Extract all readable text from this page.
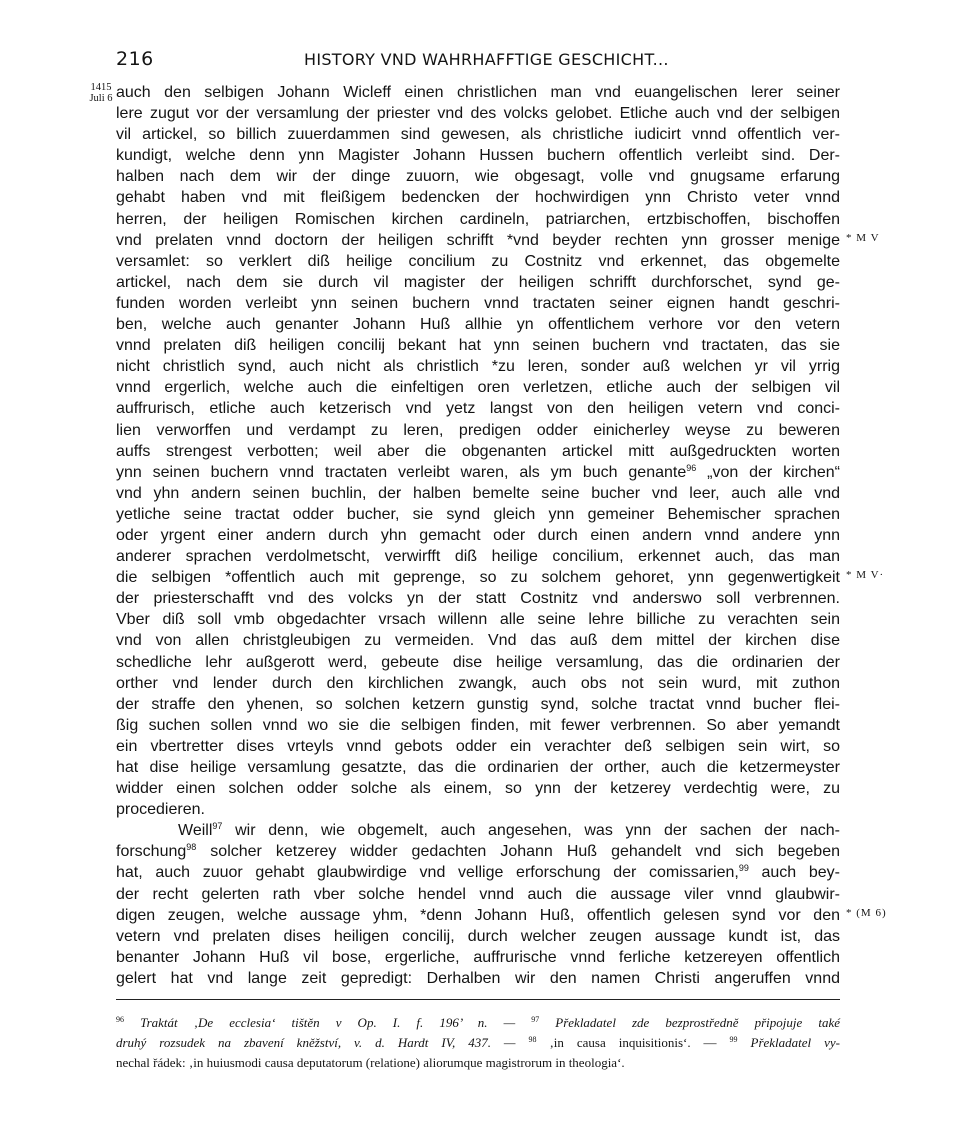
216	HISTORY VND WAHRHAFFTIGE GESCHICHT...
1415
Juli 6 auch den selbigen Johann Wicleff einen christlichen man vnd euangelischen lerer seiner
lere zugut vor der versamlung der priester vnd des volcks gelobet. Etliche auch vnd der selbigen
vil artickel, so billich zuuerdammen sind gewesen, als christliche iudicirt vnnd offentlich ver-
kundigt, welche denn ynn Magister Johann Hussen buchern offentlich verleibt sind. Der-
halben nach dem wir der dinge zuuorn, wie obgesagt, volle vnd gnugsame erfarung
gehabt haben vnd mit fleißigem bedencken der hochwirdigen ynn Christo veter vnnd
herren, der heiligen Romischen kirchen cardineln, patriarchen, ertzbischoffen, bischoffen
vnd prelaten vnnd doctorn der heiligen schrifft *vnd beyder rechten ynn grosser menige
versamlet: so verklert diß heilige concilium zu Costnitz vnd erkennet, das obgemelte
artickel, nach dem sie durch vil magister der heiligen schrifft durchforschet, synd ge-
funden worden verleibt ynn seinen buchern vnnd tractaten seiner eignen handt geschri-
ben, welche auch genanter Johann Huß allhie yn offentlichem verhore vor den vetern
vnnd prelaten diß heiligen concilij bekant hat ynn seinen buchern vnd tractaten, das sie
nicht christlich synd, auch nicht als christlich *zu leren, sonder auß welchen yr vil yrrig
vnnd ergerlich, welche auch die einfeltigen oren verletzen, etliche auch der selbigen vil
auffrurisch, etliche auch ketzerisch vnd yetz langst von den heiligen vetern vnd conci-
lien verworffen und verdampt zu leren, predigen odder einicherley weyse zu beweren
auffs strengest verbotten; weil aber die obgenanten artickel mitt außgedruckten worten
ynn seinen buchern vnnd tractaten verleibt waren, als ym buch genante$^{96}$ „von der kirchen“
vnd yhn andern seinen buchlin, der halben bemelte seine bucher vnd leer, auch alle vnd
yetliche seine tractat odder bucher, sie synd gleich ynn gemeiner Behemischer sprachen
oder yrgent einer andern durch yhn gemacht oder durch einen andern vnnd andere ynn
anderer sprachen verdolmetscht, verwirfft diß heilige concilium, erkennet auch, das man
die selbigen *offentlich auch mit geprenge, so zu solchem gehoret, ynn gegenwertigkeit
der priesterschafft vnd des volcks yn der statt Costnitz vnd anderswo soll verbrennen.
Vber diß soll vmb obgedachter vrsach willenn alle seine lehre billiche zu verachten sein
vnd von allen christgleubigen zu vermeiden. Vnd das auß dem mittel der kirchen dise
schedliche lehr außgerott werd, gebeute dise heilige versamlung, das die ordinarien der
orther vnd lender durch den kirchlichen zwangk, auch obs not sein wurd, mit zuthon
der straffe den yhenen, so solchen ketzern gunstig synd, solche tractat vnnd bucher flei-
ßig suchen sollen vnnd wo sie die selbigen finden, mit fewer verbrennen. So aber yemandt
ein vbertretter dises vrteyls vnnd gebots odder ein verachter deß selbigen sein wirt, so
hat dise heilige versamlung gesatzte, das die ordinarien der orther, auch die ketzermeyster
widder einen solchen odder solche als einem, so ynn der ketzerey verdechtig were, zu
procedieren.
Weill$^{97}$ wir denn, wie obgemelt, auch angesehen, was ynn der sachen der nach-
forschung$^{98}$ solcher ketzerey widder gedachten Johann Huß gehandelt vnd sich begeben
hat, auch zuuor gehabt glaubwirdige vnd vellige erforschung der comissarien,$^{99}$ auch bey-
der recht gelerten rath vber solche hendel vnnd auch die aussage viler vnnd glaubwir-
digen zeugen, welche aussage yhm, *denn Johann Huß, offentlich gelesen synd vor den
vetern vnd prelaten dises heiligen concilij, durch welcher zeugen aussage kundt ist, das
benanter Johann Huß vil bose, ergerliche, auffrurische vnnd ferliche ketzereyen offentlich
gelert hat vnd lange zeit gepredigt: Derhalben wir den namen Christi angeruffen vnnd
* M V
* M V·
* (M 6)
$^{96}$ Traktát ‚De ecclesia‘ tištěn v Op. I. f. 196’ n. — $^{97}$ Překladatel zde bezprostředně připojuje také
druhý rozsudek na zbavení kněžství, v. d. Hardt IV, 437. — $^{98}$ ‚in causa inquisitionis‘. — $^{99}$ Překladatel vy-
nechal řádek: ‚in huiusmodi causa deputatorum (relatione) aliorumque magistrorum in theologia‘.
